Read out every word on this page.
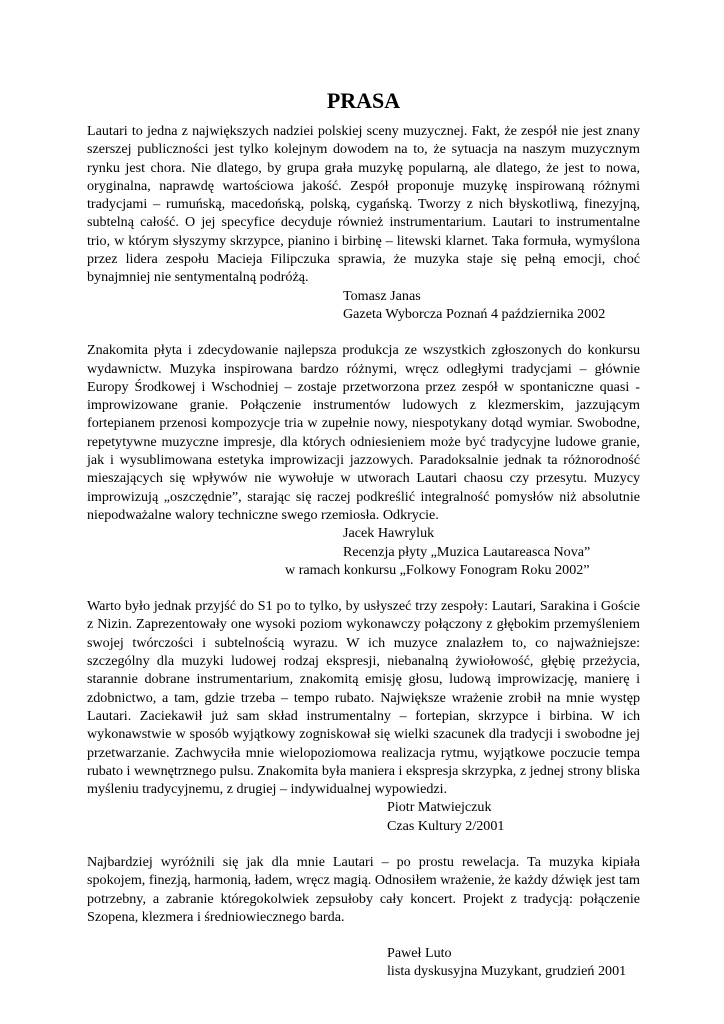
PRASA

Lautari to jedna z największych nadziei polskiej sceny muzycznej. Fakt, że zespół nie jest znany szerszej publiczności jest tylko kolejnym dowodem na to, że sytuacja na naszym muzycznym rynku jest chora. Nie dlatego, by grupa grała muzykę popularną, ale dlatego, że jest to nowa, oryginalna, naprawdę wartościowa jakość. Zespół proponuje muzykę inspirowaną różnymi tradycjami – rumuńską, macedońską, polską, cygańską. Tworzy z nich błyskotliwą, finezyjną, subtelną całość. O jej specyfice decyduje również instrumentarium. Lautari to instrumentalne trio, w którym słyszymy skrzypce, pianino i birbinę – litewski klarnet. Taka formuła, wymyślona przez lidera zespołu Macieja Filipczuka sprawia, że muzyka staje się pełną emocji, choć bynajmniej nie sentymentalną podróżą.

Tomasz Janas

Gazeta Wyborcza Poznań 4 października 2002

Znakomita płyta i zdecydowanie najlepsza produkcja ze wszystkich zgłoszonych do konkursu wydawnictw. Muzyka inspirowana bardzo różnymi, wręcz odległymi tradycjami – głównie Europy Środkowej i Wschodniej – zostaje przetworzona przez zespół w spontaniczne quasi - improwizowane granie. Połączenie instrumentów ludowych z klezmerskim, jazzującym fortepianem przenosi kompozycje tria w zupełnie nowy, niespotykany dotąd wymiar. Swobodne, repetytywne muzyczne impresje, dla których odniesieniem może być tradycyjne ludowe granie, jak i wysublimowana estetyka improwizacji jazzowych. Paradoksalnie jednak ta różnorodność mieszających się wpływów nie wywołuje w utworach Lautari chaosu czy przesytu. Muzycy improwizują „oszczędnie”, starając się raczej podkreślić integralność pomysłów niż absolutnie niepodważalne walory techniczne swego rzemiosła. Odkrycie.

Jacek Hawryluk

Recenzja płyty „Muzica Lautareasca Nova”

w ramach konkursu „Folkowy Fonogram Roku 2002”

Warto było jednak przyjść do S1 po to tylko, by usłyszeć trzy zespoły: Lautari, Sarakina i Goście z Nizin. Zaprezentowały one wysoki poziom wykonawczy połączony z głębokim przemyśleniem swojej twórczości i subtelnością wyrazu. W ich muzyce znalazłem to, co najważniejsze: szczególny dla muzyki ludowej rodzaj ekspresji, niebanalną żywiołowość, głębię przeżycia, starannie dobrane instrumentarium, znakomitą emisję głosu, ludową improwizację, manierę i zdobnictwo, a tam, gdzie trzeba – tempo rubato. Największe wrażenie zrobił na mnie występ Lautari. Zaciekawił już sam skład instrumentalny – fortepian, skrzypce i birbina. W ich wykonawstwie w sposób wyjątkowy zogniskował się wielki szacunek dla tradycji i swobodne jej przetwarzanie. Zachwyciła mnie wielopoziomowa realizacja rytmu, wyjątkowe poczucie tempa rubato i wewnętrznego pulsu. Znakomita była maniera i ekspresja skrzypka, z jednej strony bliska myśleniu tradycyjnemu, z drugiej – indywidualnej wypowiedzi.

Piotr Matwiejczuk

Czas Kultury 2/2001

Najbardziej wyróżnili się jak dla mnie Lautari – po prostu rewelacja. Ta muzyka kipiała spokojem, finezją, harmonią, ładem, wręcz magią. Odnosiłem wrażenie, że każdy dźwięk jest tam potrzebny, a zabranie któregokolwiek zepsułoby cały koncert. Projekt z tradycją: połączenie Szopena, klezmera i średniowiecznego barda.

Paweł Luto

lista dyskusyjna Muzykant, grudzień 2001
